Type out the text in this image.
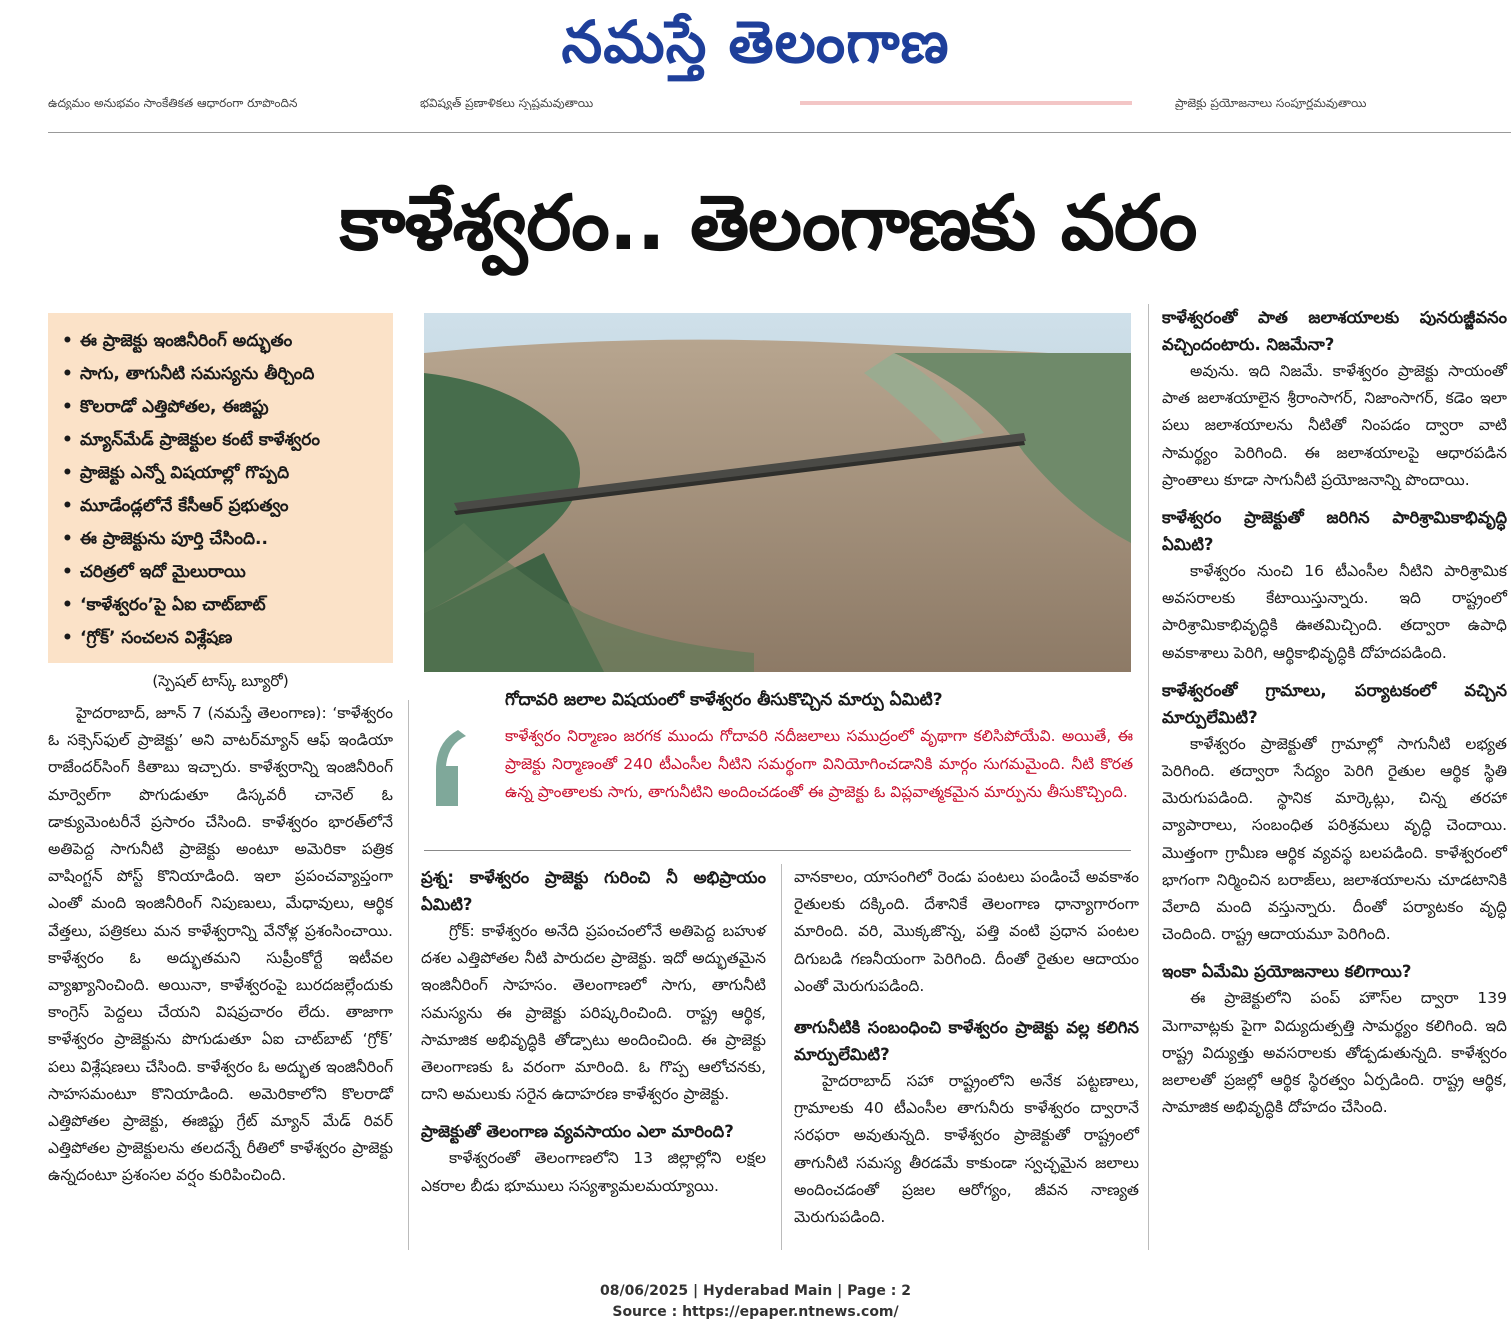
నమస్తే తెలంగాణ
ఉద్యమం అనుభవం సాంకేతికత ఆధారంగా రూపొందిన	భవిష్యత్ ప్రణాళికలు స్పష్టమవుతాయి	ప్రాజెక్టు ప్రయోజనాలు సంపూర్ణమవుతాయి
కాళేశ్వరం.. తెలంగాణకు వరం
• ఈ ప్రాజెక్టు ఇంజినీరింగ్ అద్భుతం
• సాగు, తాగునీటి సమస్యను తీర్చింది
• కొలరాడో ఎత్తిపోతల, ఈజిప్టు
• మ్యాన్‌మేడ్ ప్రాజెక్టుల కంటే కాళేశ్వరం
• ప్రాజెక్టు ఎన్నో విషయాల్లో గొప్పది
• మూడేండ్లలోనే కేసీఆర్ ప్రభుత్వం
• ఈ ప్రాజెక్టును పూర్తి చేసింది..
• చరిత్రలో ఇదో మైలురాయి
• ‘కాళేశ్వరం’పై ఏఐ చాట్‌బాట్
• ‘గ్రోక్’ సంచలన విశ్లేషణ
(స్పెషల్ టాస్క్ బ్యూరో)

హైదరాబాద్, జూన్ 7 (నమస్తే తెలంగాణ): ‘కాళేశ్వరం ఓ సక్సెస్‌ఫుల్ ప్రాజెక్టు’ అని వాటర్‌మ్యాన్ ఆఫ్ ఇండియా రాజేందర్‌సింగ్ కితాబు ఇచ్చారు. కాళేశ్వరాన్ని ఇంజినీరింగ్ మార్వెల్‌గా పొగుడుతూ డిస్కవరీ చానెల్ ఓ డాక్యుమెంటరీనే ప్రసారం చేసింది. కాళేశ్వరం భారత్‌లోనే అతిపెద్ద సాగునీటి ప్రాజెక్టు అంటూ అమెరికా పత్రిక వాషింగ్టన్ పోస్ట్ కొనియాడింది. ఇలా ప్రపంచవ్యాప్తంగా ఎంతో మంది ఇంజినీరింగ్ నిపుణులు, మేధావులు, ఆర్థిక వేత్తలు, పత్రికలు మన కాళేశ్వరాన్ని వేనోళ్ల ప్రశంసించాయి. కాళేశ్వరం ఓ అద్భుతమని సుప్రీంకోర్టే ఇటీవల వ్యాఖ్యానించింది. అయినా, కాళేశ్వరంపై బురదజల్లేందుకు కాంగ్రెస్ పెద్దలు చేయని విషప్రచారం లేదు. తాజాగా కాళేశ్వరం ప్రాజెక్టును పొగుడుతూ ఏఐ చాట్‌బాట్ ‘గ్రోక్’ పలు విశ్లేషణలు చేసింది. కాళేశ్వరం ఓ అద్భుత ఇంజినీరింగ్ సాహసమంటూ కొనియాడింది. అమెరికాలోని కొలరాడో ఎత్తిపోతల ప్రాజెక్టు, ఈజిప్టు గ్రేట్ మ్యాన్ మేడ్ రివర్ ఎత్తిపోతల ప్రాజెక్టులను తలదన్నే రీతిలో కాళేశ్వరం ప్రాజెక్టు ఉన్నదంటూ ప్రశంసల వర్షం కురిపించింది.

గోదావరి జలాల విషయంలో కాళేశ్వరం తీసుకొచ్చిన మార్పు ఏమిటి?
కాళేశ్వరం నిర్మాణం జరగక ముందు గోదావరి నదీజలాలు సముద్రంలో వృథాగా కలిసిపోయేవి. అయితే, ఈ ప్రాజెక్టు నిర్మాణంతో 240 టీఎంసీల నీటిని సమర్థంగా వినియోగించడానికి మార్గం సుగమమైంది. నీటి కొరత ఉన్న ప్రాంతాలకు సాగు, తాగునీటిని అందించడంతో ఈ ప్రాజెక్టు ఓ విప్లవాత్మకమైన మార్పును తీసుకొచ్చింది.
ప్రశ్న: కాళేశ్వరం ప్రాజెక్టు గురించి నీ అభిప్రాయం ఏమిటి?

గ్రోక్: కాళేశ్వరం అనేది ప్రపంచంలోనే అతిపెద్ద బహుళ దశల ఎత్తిపోతల నీటి పారుదల ప్రాజెక్టు. ఇదో అద్భుతమైన ఇంజినీరింగ్ సాహసం. తెలంగాణలో సాగు, తాగునీటి సమస్యను ఈ ప్రాజెక్టు పరిష్కరించింది. రాష్ట్ర ఆర్థిక, సామాజిక అభివృద్ధికి తోడ్పాటు అందించింది. ఈ ప్రాజెక్టు తెలంగాణకు ఓ వరంగా మారింది. ఓ గొప్ప ఆలోచనకు, దాని అమలుకు సరైన ఉదాహరణ కాళేశ్వరం ప్రాజెక్టు.

ప్రాజెక్టుతో తెలంగాణ వ్యవసాయం ఎలా మారింది?

కాళేశ్వరంతో తెలంగాణలోని 13 జిల్లాల్లోని లక్షల ఎకరాల బీడు భూములు సస్యశ్యామలమయ్యాయి.

వానకాలం, యాసంగిలో రెండు పంటలు పండించే అవకాశం రైతులకు దక్కింది. దేశానికే తెలంగాణ ధాన్యాగారంగా మారింది. వరి, మొక్కజొన్న, పత్తి వంటి ప్రధాన పంటల దిగుబడి గణనీయంగా పెరిగింది. దీంతో రైతుల ఆదాయం ఎంతో మెరుగుపడింది.

తాగునీటికి సంబంధించి కాళేశ్వరం ప్రాజెక్టు వల్ల కలిగిన మార్పులేమిటి?

హైదరాబాద్ సహా రాష్ట్రంలోని అనేక పట్టణాలు, గ్రామాలకు 40 టీఎంసీల తాగునీరు కాళేశ్వరం ద్వారానే సరఫరా అవుతున్నది. కాళేశ్వరం ప్రాజెక్టుతో రాష్ట్రంలో తాగునీటి సమస్య తీరడమే కాకుండా స్వచ్ఛమైన జలాలు అందించడంతో ప్రజల ఆరోగ్యం, జీవన నాణ్యత మెరుగుపడింది.

కాళేశ్వరంతో పాత జలాశయాలకు పునరుజ్జీవనం వచ్చిందంటారు. నిజమేనా?

అవును. ఇది నిజమే. కాళేశ్వరం ప్రాజెక్టు సాయంతో పాత జలాశయాలైన శ్రీరాంసాగర్, నిజాంసాగర్, కడెం ఇలా పలు జలాశయాలను నీటితో నింపడం ద్వారా వాటి సామర్థ్యం పెరిగింది. ఈ జలాశయాలపై ఆధారపడిన ప్రాంతాలు కూడా సాగునీటి ప్రయోజనాన్ని పొందాయి.

కాళేశ్వరం ప్రాజెక్టుతో జరిగిన పారిశ్రామికాభివృద్ధి ఏమిటి?

కాళేశ్వరం నుంచి 16 టీఎంసీల నీటిని పారిశ్రామిక అవసరాలకు కేటాయిస్తున్నారు. ఇది రాష్ట్రంలో పారిశ్రామికాభివృద్ధికి ఊతమిచ్చింది. తద్వారా ఉపాధి అవకాశాలు పెరిగి, ఆర్థికాభివృద్ధికి దోహదపడింది.

కాళేశ్వరంతో గ్రామాలు, పర్యాటకంలో వచ్చిన మార్పులేమిటి?

కాళేశ్వరం ప్రాజెక్టుతో గ్రామాల్లో సాగునీటి లభ్యత పెరిగింది. తద్వారా సేద్యం పెరిగి రైతుల ఆర్థిక స్థితి మెరుగుపడింది. స్థానిక మార్కెట్లు, చిన్న తరహా వ్యాపారాలు, సంబంధిత పరిశ్రమలు వృద్ధి చెందాయి. మొత్తంగా గ్రామీణ ఆర్థిక వ్యవస్థ బలపడింది. కాళేశ్వరంలో భాగంగా నిర్మించిన బరాజ్‌లు, జలాశయాలను చూడటానికి వేలాది మంది వస్తున్నారు. దీంతో పర్యాటకం వృద్ధి చెందింది. రాష్ట్ర ఆదాయమూ పెరిగింది.

ఇంకా ఏమేమి ప్రయోజనాలు కలిగాయి?

ఈ ప్రాజెక్టులోని పంప్ హౌస్‌ల ద్వారా 139 మెగావాట్లకు పైగా విద్యుదుత్పత్తి సామర్థ్యం కలిగింది. ఇది రాష్ట్ర విద్యుత్తు అవసరాలకు తోడ్పడుతున్నది. కాళేశ్వరం జలాలతో ప్రజల్లో ఆర్థిక స్థిరత్వం ఏర్పడింది. రాష్ట్ర ఆర్థిక, సామాజిక అభివృద్ధికి దోహదం చేసింది.

08/06/2025 | Hyderabad Main | Page : 2
Source : https://epaper.ntnews.com/
